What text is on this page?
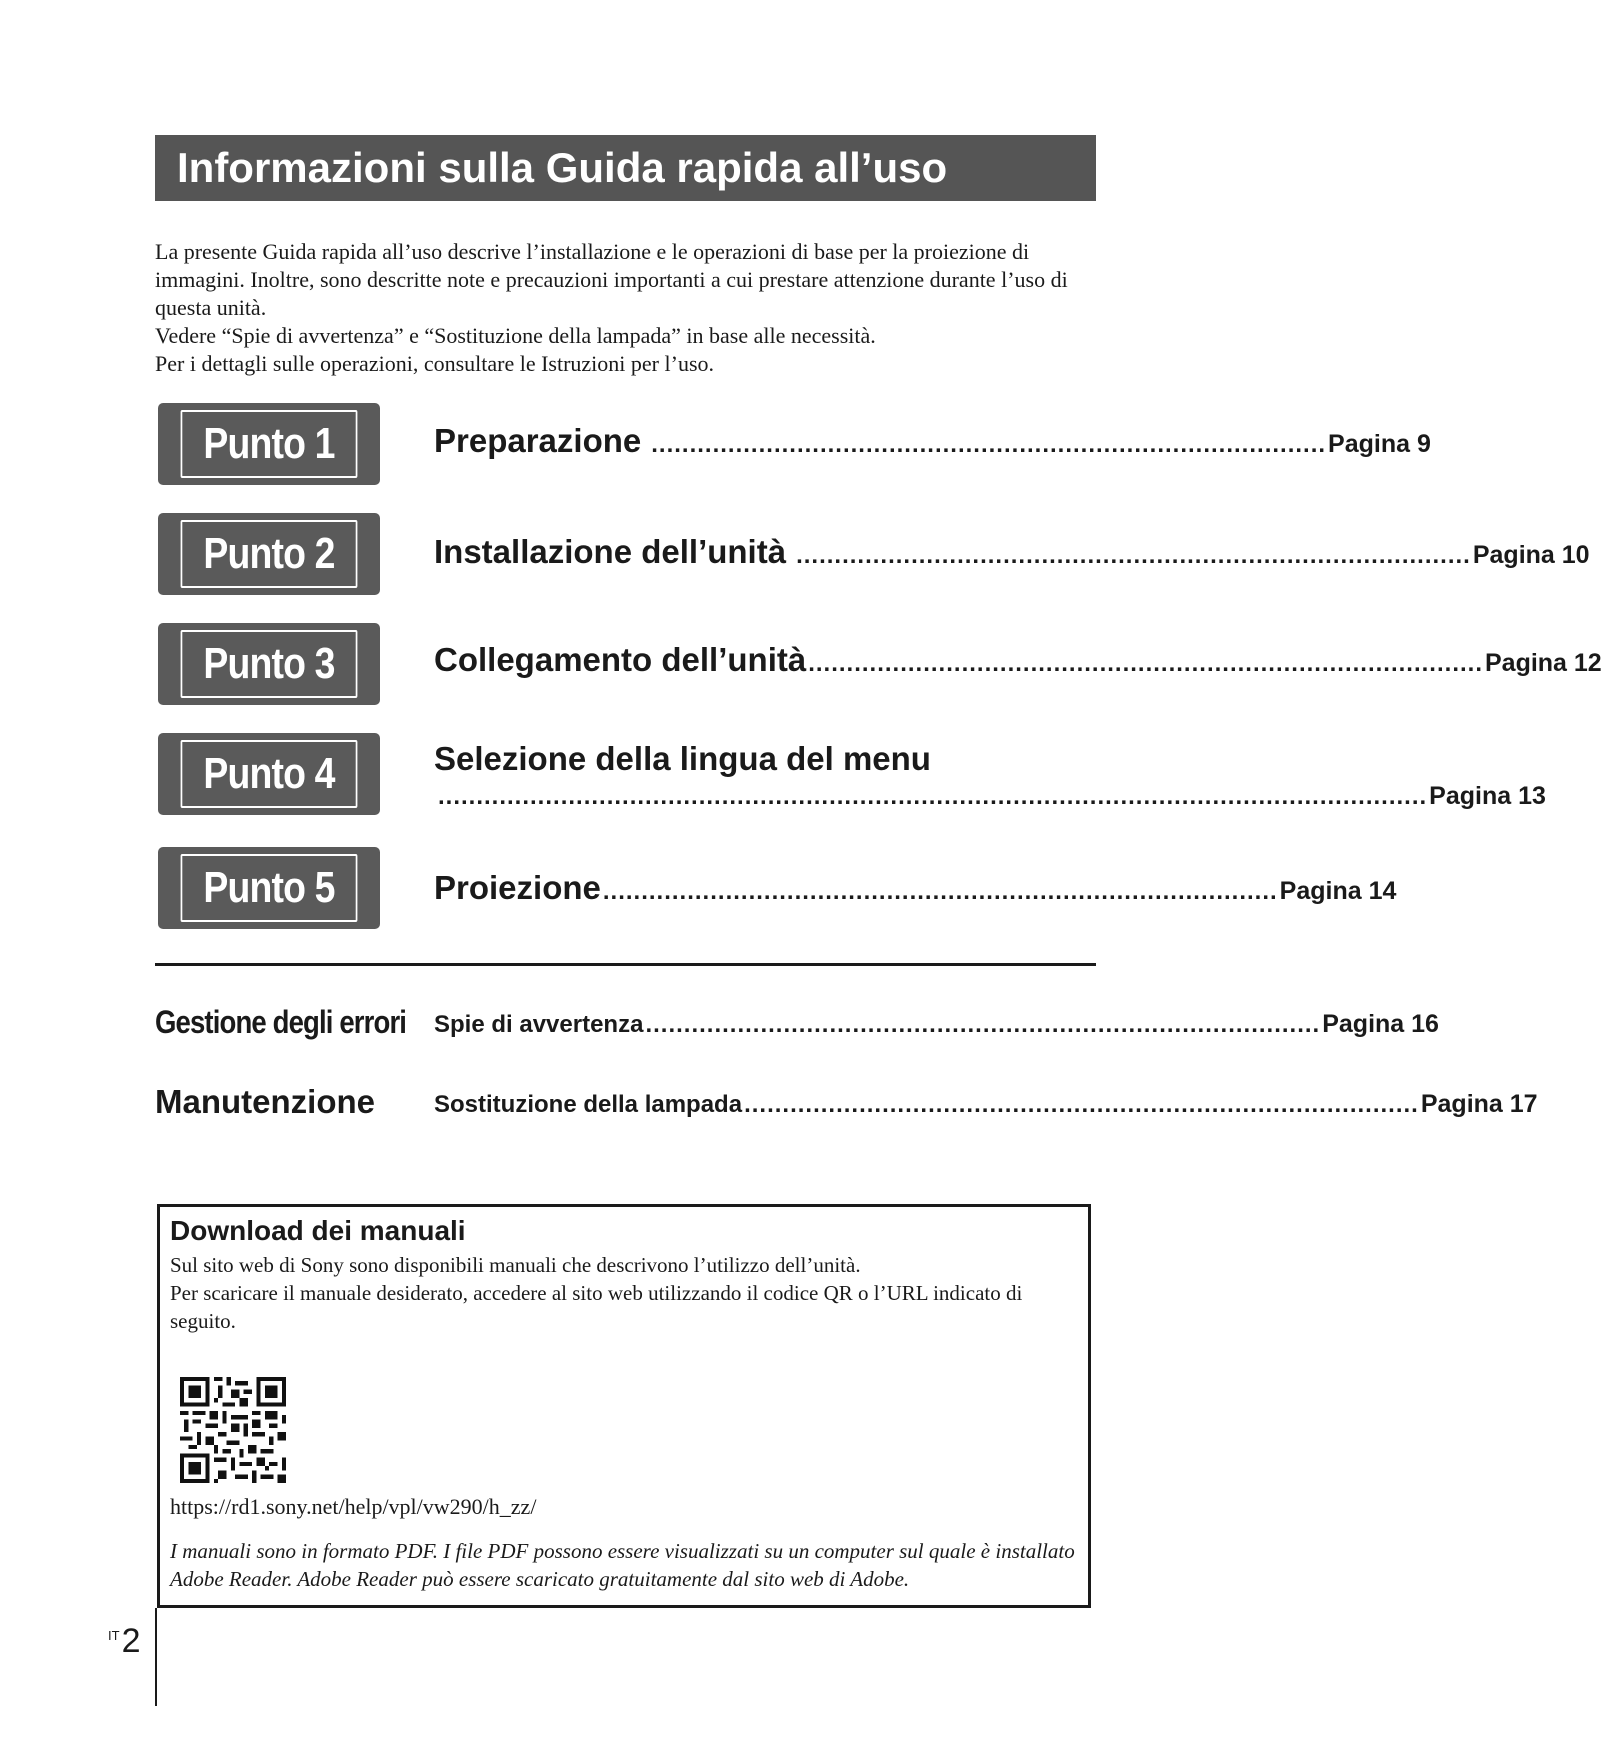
Informazioni sulla Guida rapida all’uso

La presente Guida rapida all’uso descrive l’installazione e le operazioni di base per la proiezione di immagini. Inoltre, sono descritte note e precauzioni importanti a cui prestare attenzione durante l’uso di questa unità.

Vedere “Spie di avvertenza” e “Sostituzione della lampada” in base alle necessità.

Per i dettagli sulle operazioni, consultare le Istruzioni per l’uso.

Punto 1	Preparazione ........................................................................................ Pagina 9
Punto 2	Installazione dell’unità ........................................................................................ Pagina 10
Punto 3	Collegamento dell’unità ........................................................................................ Pagina 12
Punto 4	Selezione della lingua del menu
................................................................................................................................. Pagina 13
Punto 5	Proiezione ........................................................................................ Pagina 14
Gestione degli errori Spie di avvertenza ........................................................................................ Pagina 16
Manutenzione Sostituzione della lampada ........................................................................................ Pagina 17
Download dei manuali

Sul sito web di Sony sono disponibili manuali che descrivono l’utilizzo dell’unità.

Per scaricare il manuale desiderato, accedere al sito web utilizzando il codice QR o l’URL indicato di seguito.

https://rd1.sony.net/help/vpl/vw290/h_zz/
I manuali sono in formato PDF. I file PDF possono essere visualizzati su un computer sul quale è installato Adobe Reader. Adobe Reader può essere scaricato gratuitamente dal sito web di Adobe.
IT 2
